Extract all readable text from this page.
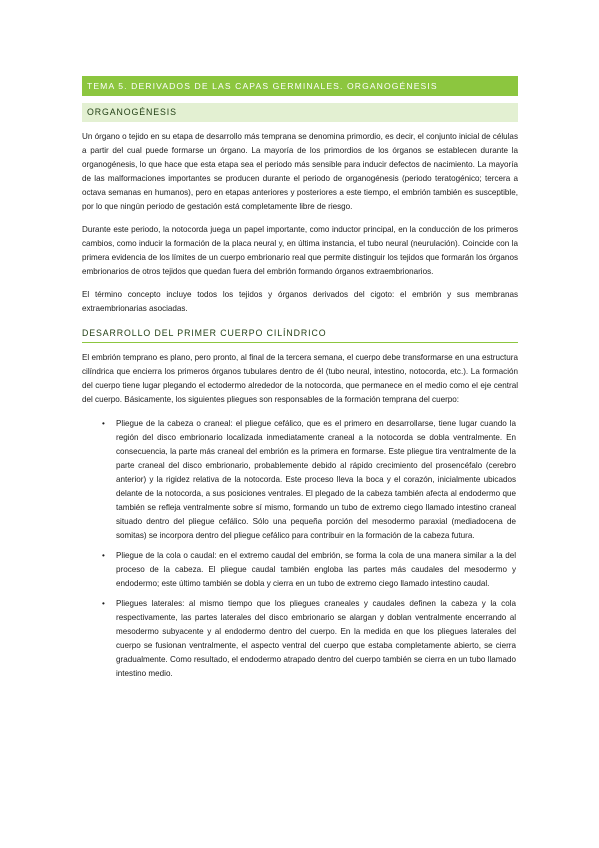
TEMA 5. DERIVADOS DE LAS CAPAS GERMINALES. ORGANOGÉNESIS
ORGANOGÉNESIS

Un órgano o tejido en su etapa de desarrollo más temprana se denomina primordio, es decir, el conjunto inicial de células a partir del cual puede formarse un órgano. La mayoría de los primordios de los órganos se establecen durante la organogénesis, lo que hace que esta etapa sea el periodo más sensible para inducir defectos de nacimiento. La mayoría de las malformaciones importantes se producen durante el periodo de organogénesis (periodo teratogénico; tercera a octava semanas en humanos), pero en etapas anteriores y posteriores a este tiempo, el embrión también es susceptible, por lo que ningún periodo de gestación está completamente libre de riesgo.

Durante este periodo, la notocorda juega un papel importante, como inductor principal, en la conducción de los primeros cambios, como inducir la formación de la placa neural y, en última instancia, el tubo neural (neurulación). Coincide con la primera evidencia de los límites de un cuerpo embrionario real que permite distinguir los tejidos que formarán los órganos embrionarios de otros tejidos que quedan fuera del embrión formando órganos extraembrionarios.

El término concepto incluye todos los tejidos y órganos derivados del cigoto: el embrión y sus membranas extraembrionarias asociadas.

DESARROLLO DEL PRIMER CUERPO CILÍNDRICO

El embrión temprano es plano, pero pronto, al final de la tercera semana, el cuerpo debe transformarse en una estructura cilíndrica que encierra los primeros órganos tubulares dentro de él (tubo neural, intestino, notocorda, etc.). La formación del cuerpo tiene lugar plegando el ectodermo alrededor de la notocorda, que permanece en el medio como el eje central del cuerpo. Básicamente, los siguientes pliegues son responsables de la formación temprana del cuerpo:

• Pliegue de la cabeza o craneal: el pliegue cefálico, que es el primero en desarrollarse, tiene lugar cuando la región del disco embrionario localizada inmediatamente craneal a la notocorda se dobla ventralmente. En consecuencia, la parte más craneal del embrión es la primera en formarse. Este pliegue tira ventralmente de la parte craneal del disco embrionario, probablemente debido al rápido crecimiento del prosencéfalo (cerebro anterior) y la rigidez relativa de la notocorda. Este proceso lleva la boca y el corazón, inicialmente ubicados delante de la notocorda, a sus posiciones ventrales. El plegado de la cabeza también afecta al endodermo que también se refleja ventralmente sobre sí mismo, formando un tubo de extremo ciego llamado intestino craneal situado dentro del pliegue cefálico. Sólo una pequeña porción del mesodermo paraxial (mediadocena de somitas) se incorpora dentro del pliegue cefálico para contribuir en la formación de la cabeza futura.
• Pliegue de la cola o caudal: en el extremo caudal del embrión, se forma la cola de una manera similar a la del proceso de la cabeza. El pliegue caudal también engloba las partes más caudales del mesodermo y endodermo; este último también se dobla y cierra en un tubo de extremo ciego llamado intestino caudal.
• Pliegues laterales: al mismo tiempo que los pliegues craneales y caudales definen la cabeza y la cola respectivamente, las partes laterales del disco embrionario se alargan y doblan ventralmente encerrando al mesodermo subyacente y al endodermo dentro del cuerpo. En la medida en que los pliegues laterales del cuerpo se fusionan ventralmente, el aspecto ventral del cuerpo que estaba completamente abierto, se cierra gradualmente. Como resultado, el endodermo atrapado dentro del cuerpo también se cierra en un tubo llamado intestino medio.
